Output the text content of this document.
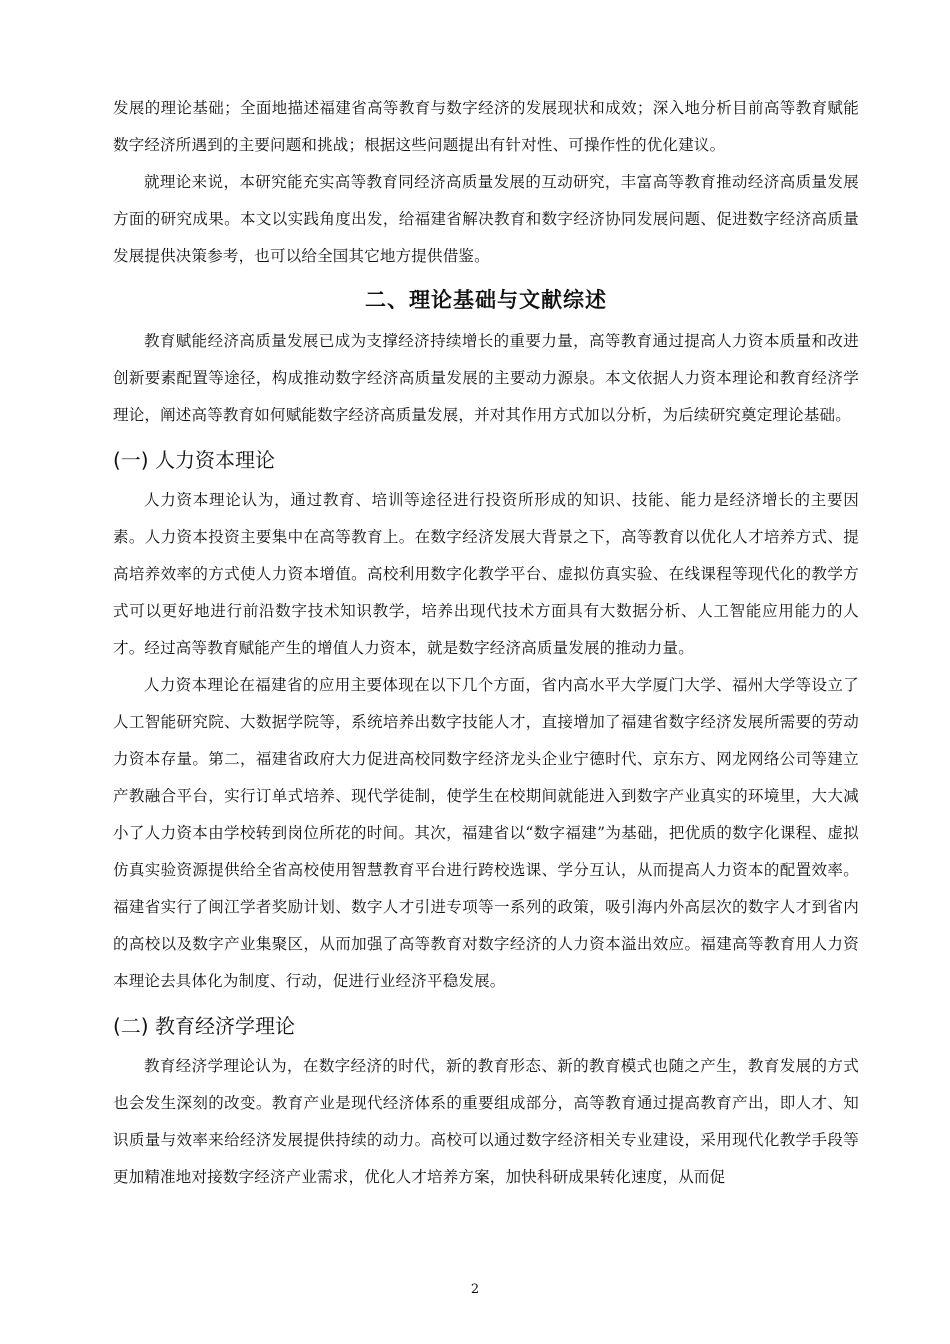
发展的理论基础；全面地描述福建省高等教育与数字经济的发展现状和成效；深入地分析目前高等教育赋能数字经济所遇到的主要问题和挑战；根据这些问题提出有针对性、可操作性的优化建议。

就理论来说，本研究能充实高等教育同经济高质量发展的互动研究，丰富高等教育推动经济高质量发展方面的研究成果。本文以实践角度出发，给福建省解决教育和数字经济协同发展问题、促进数字经济高质量发展提供决策参考，也可以给全国其它地方提供借鉴。

二、理论基础与文献综述

教育赋能经济高质量发展已成为支撑经济持续增长的重要力量，高等教育通过提高人力资本质量和改进创新要素配置等途径，构成推动数字经济高质量发展的主要动力源泉。本文依据人力资本理论和教育经济学理论，阐述高等教育如何赋能数字经济高质量发展，并对其作用方式加以分析，为后续研究奠定理论基础。

(一) 人力资本理论

人力资本理论认为，通过教育、培训等途径进行投资所形成的知识、技能、能力是经济增长的主要因素。人力资本投资主要集中在高等教育上。在数字经济发展大背景之下，高等教育以优化人才培养方式、提高培养效率的方式使人力资本增值。高校利用数字化教学平台、虚拟仿真实验、在线课程等现代化的教学方式可以更好地进行前沿数字技术知识教学，培养出现代技术方面具有大数据分析、人工智能应用能力的人才。经过高等教育赋能产生的增值人力资本，就是数字经济高质量发展的推动力量。

人力资本理论在福建省的应用主要体现在以下几个方面，省内高水平大学厦门大学、福州大学等设立了人工智能研究院、大数据学院等，系统培养出数字技能人才，直接增加了福建省数字经济发展所需要的劳动力资本存量。第二，福建省政府大力促进高校同数字经济龙头企业宁德时代、京东方、网龙网络公司等建立产教融合平台，实行订单式培养、现代学徒制，使学生在校期间就能进入到数字产业真实的环境里，大大减小了人力资本由学校转到岗位所花的时间。其次，福建省以“数字福建”为基础，把优质的数字化课程、虚拟仿真实验资源提供给全省高校使用智慧教育平台进行跨校选课、学分互认，从而提高人力资本的配置效率。福建省实行了闽江学者奖励计划、数字人才引进专项等一系列的政策，吸引海内外高层次的数字人才到省内的高校以及数字产业集聚区，从而加强了高等教育对数字经济的人力资本溢出效应。福建高等教育用人力资本理论去具体化为制度、行动，促进行业经济平稳发展。

(二) 教育经济学理论

教育经济学理论认为，在数字经济的时代，新的教育形态、新的教育模式也随之产生，教育发展的方式也会发生深刻的改变。教育产业是现代经济体系的重要组成部分，高等教育通过提高教育产出，即人才、知识质量与效率来给经济发展提供持续的动力。高校可以通过数字经济相关专业建设，采用现代化教学手段等更加精准地对接数字经济产业需求，优化人才培养方案，加快科研成果转化速度，从而促

2
